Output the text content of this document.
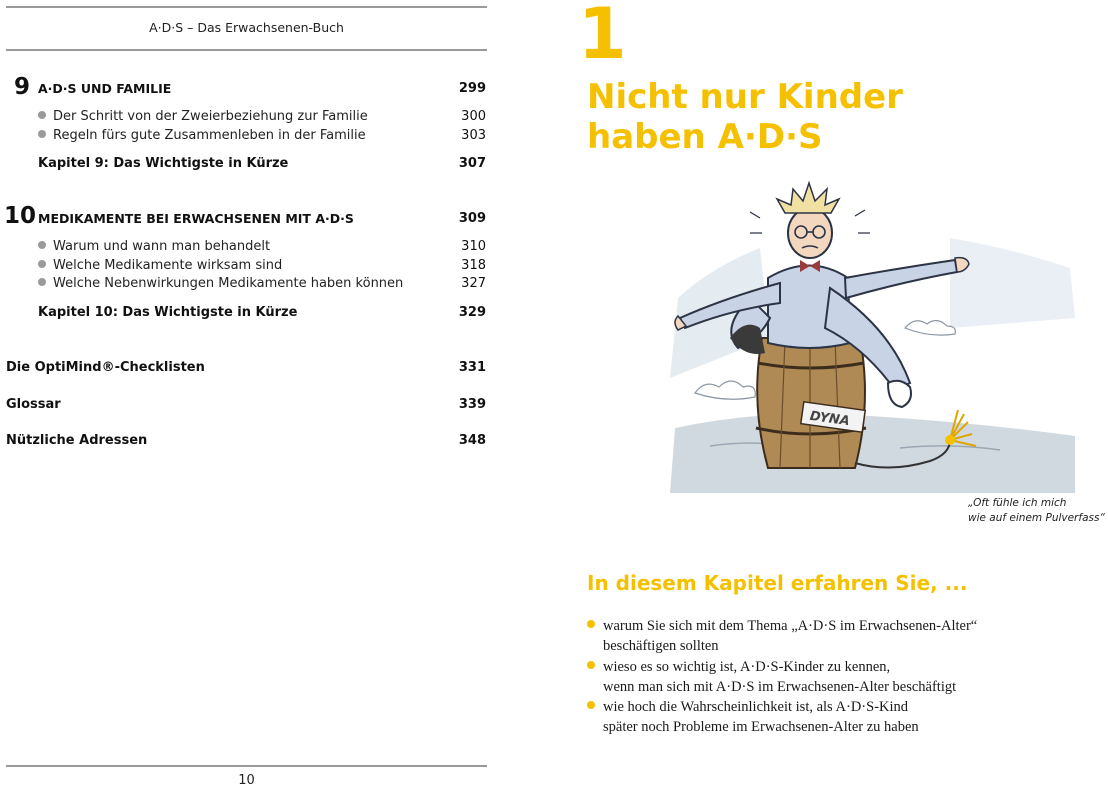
A·D·S – Das Erwachsenen-Buch
9 A·D·S UND FAMILIE	299
Der Schritt von der Zweierbeziehung zur Familie	300
Regeln fürs gute Zusammenleben in der Familie	303
Kapitel 9: Das Wichtigste in Kürze	307
10 MEDIKAMENTE BEI ERWACHSENEN MIT A·D·S	309
Warum und wann man behandelt	310
Welche Medikamente wirksam sind	318
Welche Nebenwirkungen Medikamente haben können	327
Kapitel 10: Das Wichtigste in Kürze	329
Die OptiMind®-Checklisten	331
Glossar	339
Nützliche Adressen	348
10
1
Nicht nur Kinder
haben A·D·S
DYNA
„Oft fühle ich mich
wie auf einem Pulverfass“
In diesem Kapitel erfahren Sie, ...
warum Sie sich mit dem Thema „A·D·S im Erwachsenen-Alter“
beschäftigen sollten
wieso es so wichtig ist, A·D·S-Kinder zu kennen,
wenn man sich mit A·D·S im Erwachsenen-Alter beschäftigt
wie hoch die Wahrscheinlichkeit ist, als A·D·S-Kind
später noch Probleme im Erwachsenen-Alter zu haben
